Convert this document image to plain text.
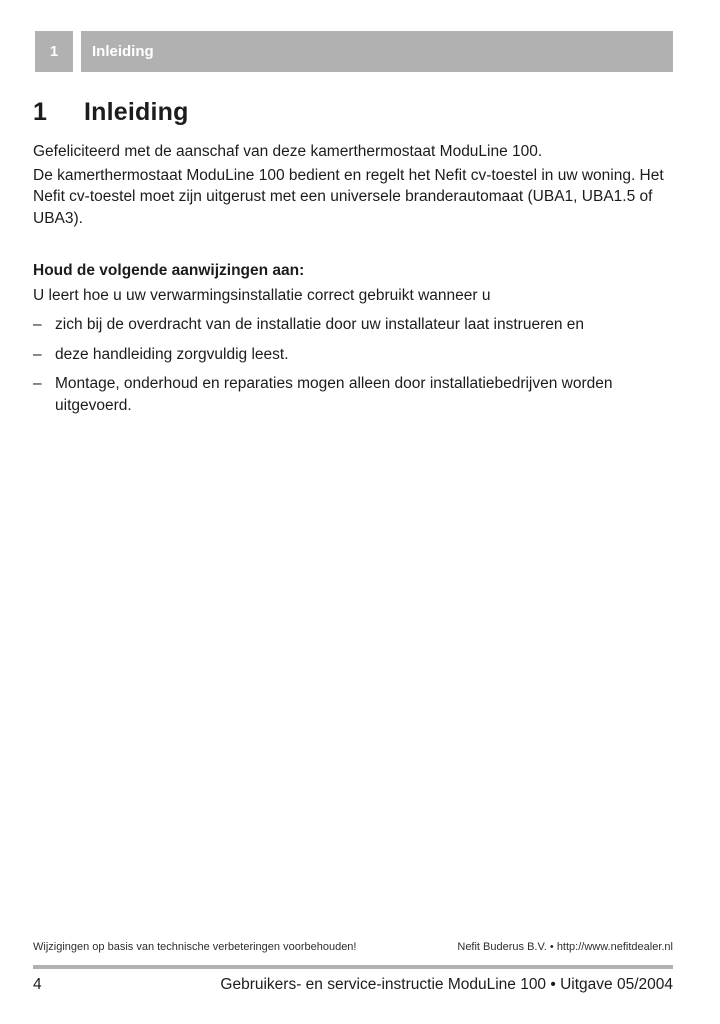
1	Inleiding
1	Inleiding

Gefeliciteerd met de aanschaf van deze kamerthermostaat ModuLine 100.

De kamerthermostaat ModuLine 100 bedient en regelt het Nefit cv-toestel in uw woning. Het Nefit cv-toestel moet zijn uitgerust met een universele branderautomaat (UBA1, UBA1.5 of UBA3).

Houd de volgende aanwijzingen aan:
U leert hoe u uw verwarmingsinstallatie correct gebruikt wanneer u
– zich bij de overdracht van de installatie door uw installateur laat instrueren en
– deze handleiding zorgvuldig leest.
– Montage, onderhoud en reparaties mogen alleen door installatiebedrijven worden uitgevoerd.
Wijzigingen op basis van technische verbeteringen voorbehouden!	Nefit Buderus B.V. • http://www.nefitdealer.nl
4	Gebruikers- en service-instructie ModuLine 100 • Uitgave 05/2004
